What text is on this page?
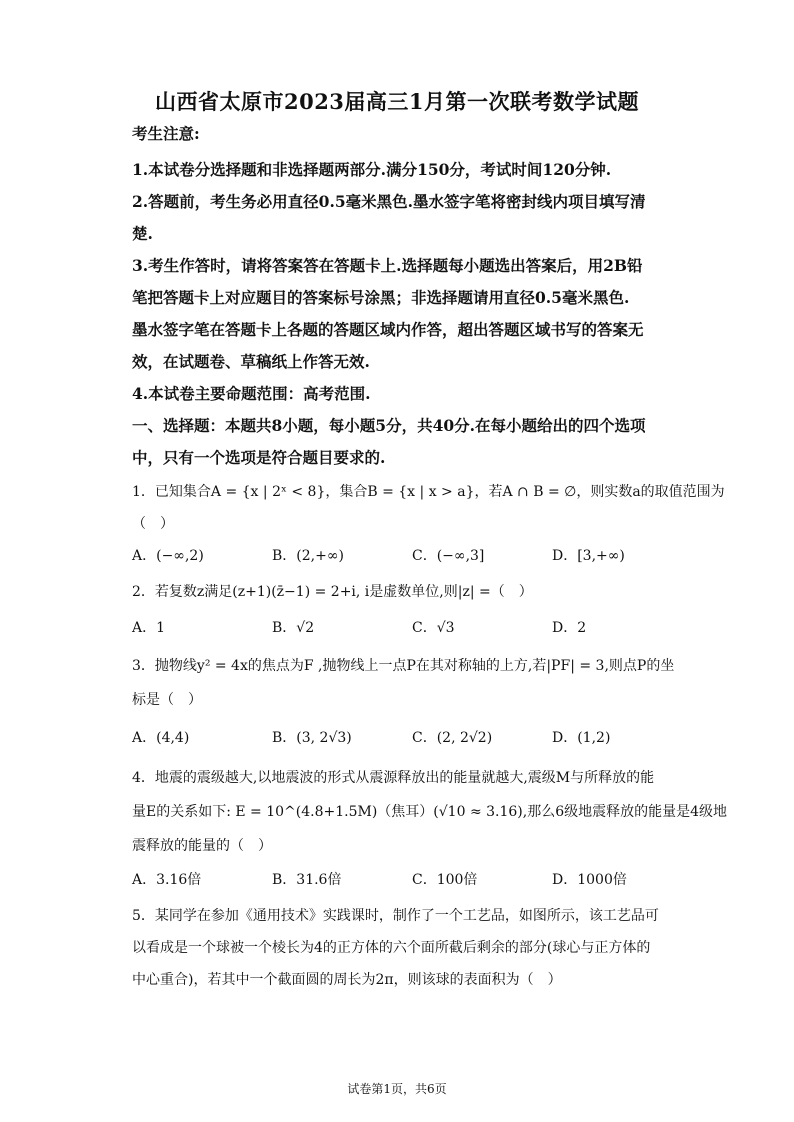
山西省太原市2023届高三1月第一次联考数学试题
考生注意:
1.本试卷分选择题和非选择题两部分.满分150分，考试时间120分钟.
2.答题前，考生务必用直径0.5毫米黑色.墨水签字笔将密封线内项目填写清
楚.
3.考生作答时，请将答案答在答题卡上.选择题每小题选出答案后，用2B铅
笔把答题卡上对应题目的答案标号涂黑；非选择题请用直径0.5毫米黑色.
墨水签字笔在答题卡上各题的答题区域内作答，超出答题区域书写的答案无
效，在试题卷、草稿纸上作答无效.
4.本试卷主要命题范围：高考范围.
一、选择题：本题共8小题，每小题5分，共40分.在每小题给出的四个选项
中，只有一个选项是符合题目要求的.
1．已知集合A = {x | 2ˣ < 8}，集合B = {x | x > a}，若A ∩ B = ∅，则实数a的取值范围为
（　）
A．(−∞,2)	B．(2,+∞)	C．(−∞,3]	D．[3,+∞)
2．若复数z满足(z+1)(z̄−1) = 2+i, i是虚数单位,则|z| =（　）
A．1	B．√2	C．√3	D．2
3．抛物线y² = 4x的焦点为F ,抛物线上一点P在其对称轴的上方,若|PF| = 3,则点P的坐
标是（　）
A．(4,4)	B．(3, 2√3)	C．(2, 2√2)	D．(1,2)
4．地震的震级越大,以地震波的形式从震源释放出的能量就越大,震级M与所释放的能
量E的关系如下: E = 10^(4.8+1.5M)（焦耳）(√10 ≈ 3.16),那么6级地震释放的能量是4级地
震释放的能量的（　）
A．3.16倍	B．31.6倍	C．100倍	D．1000倍
5．某同学在参加《通用技术》实践课时，制作了一个工艺品，如图所示，该工艺品可
以看成是一个球被一个棱长为4的正方体的六个面所截后剩余的部分(球心与正方体的
中心重合)，若其中一个截面圆的周长为2π，则该球的表面积为（　）
试卷第1页，共6页
